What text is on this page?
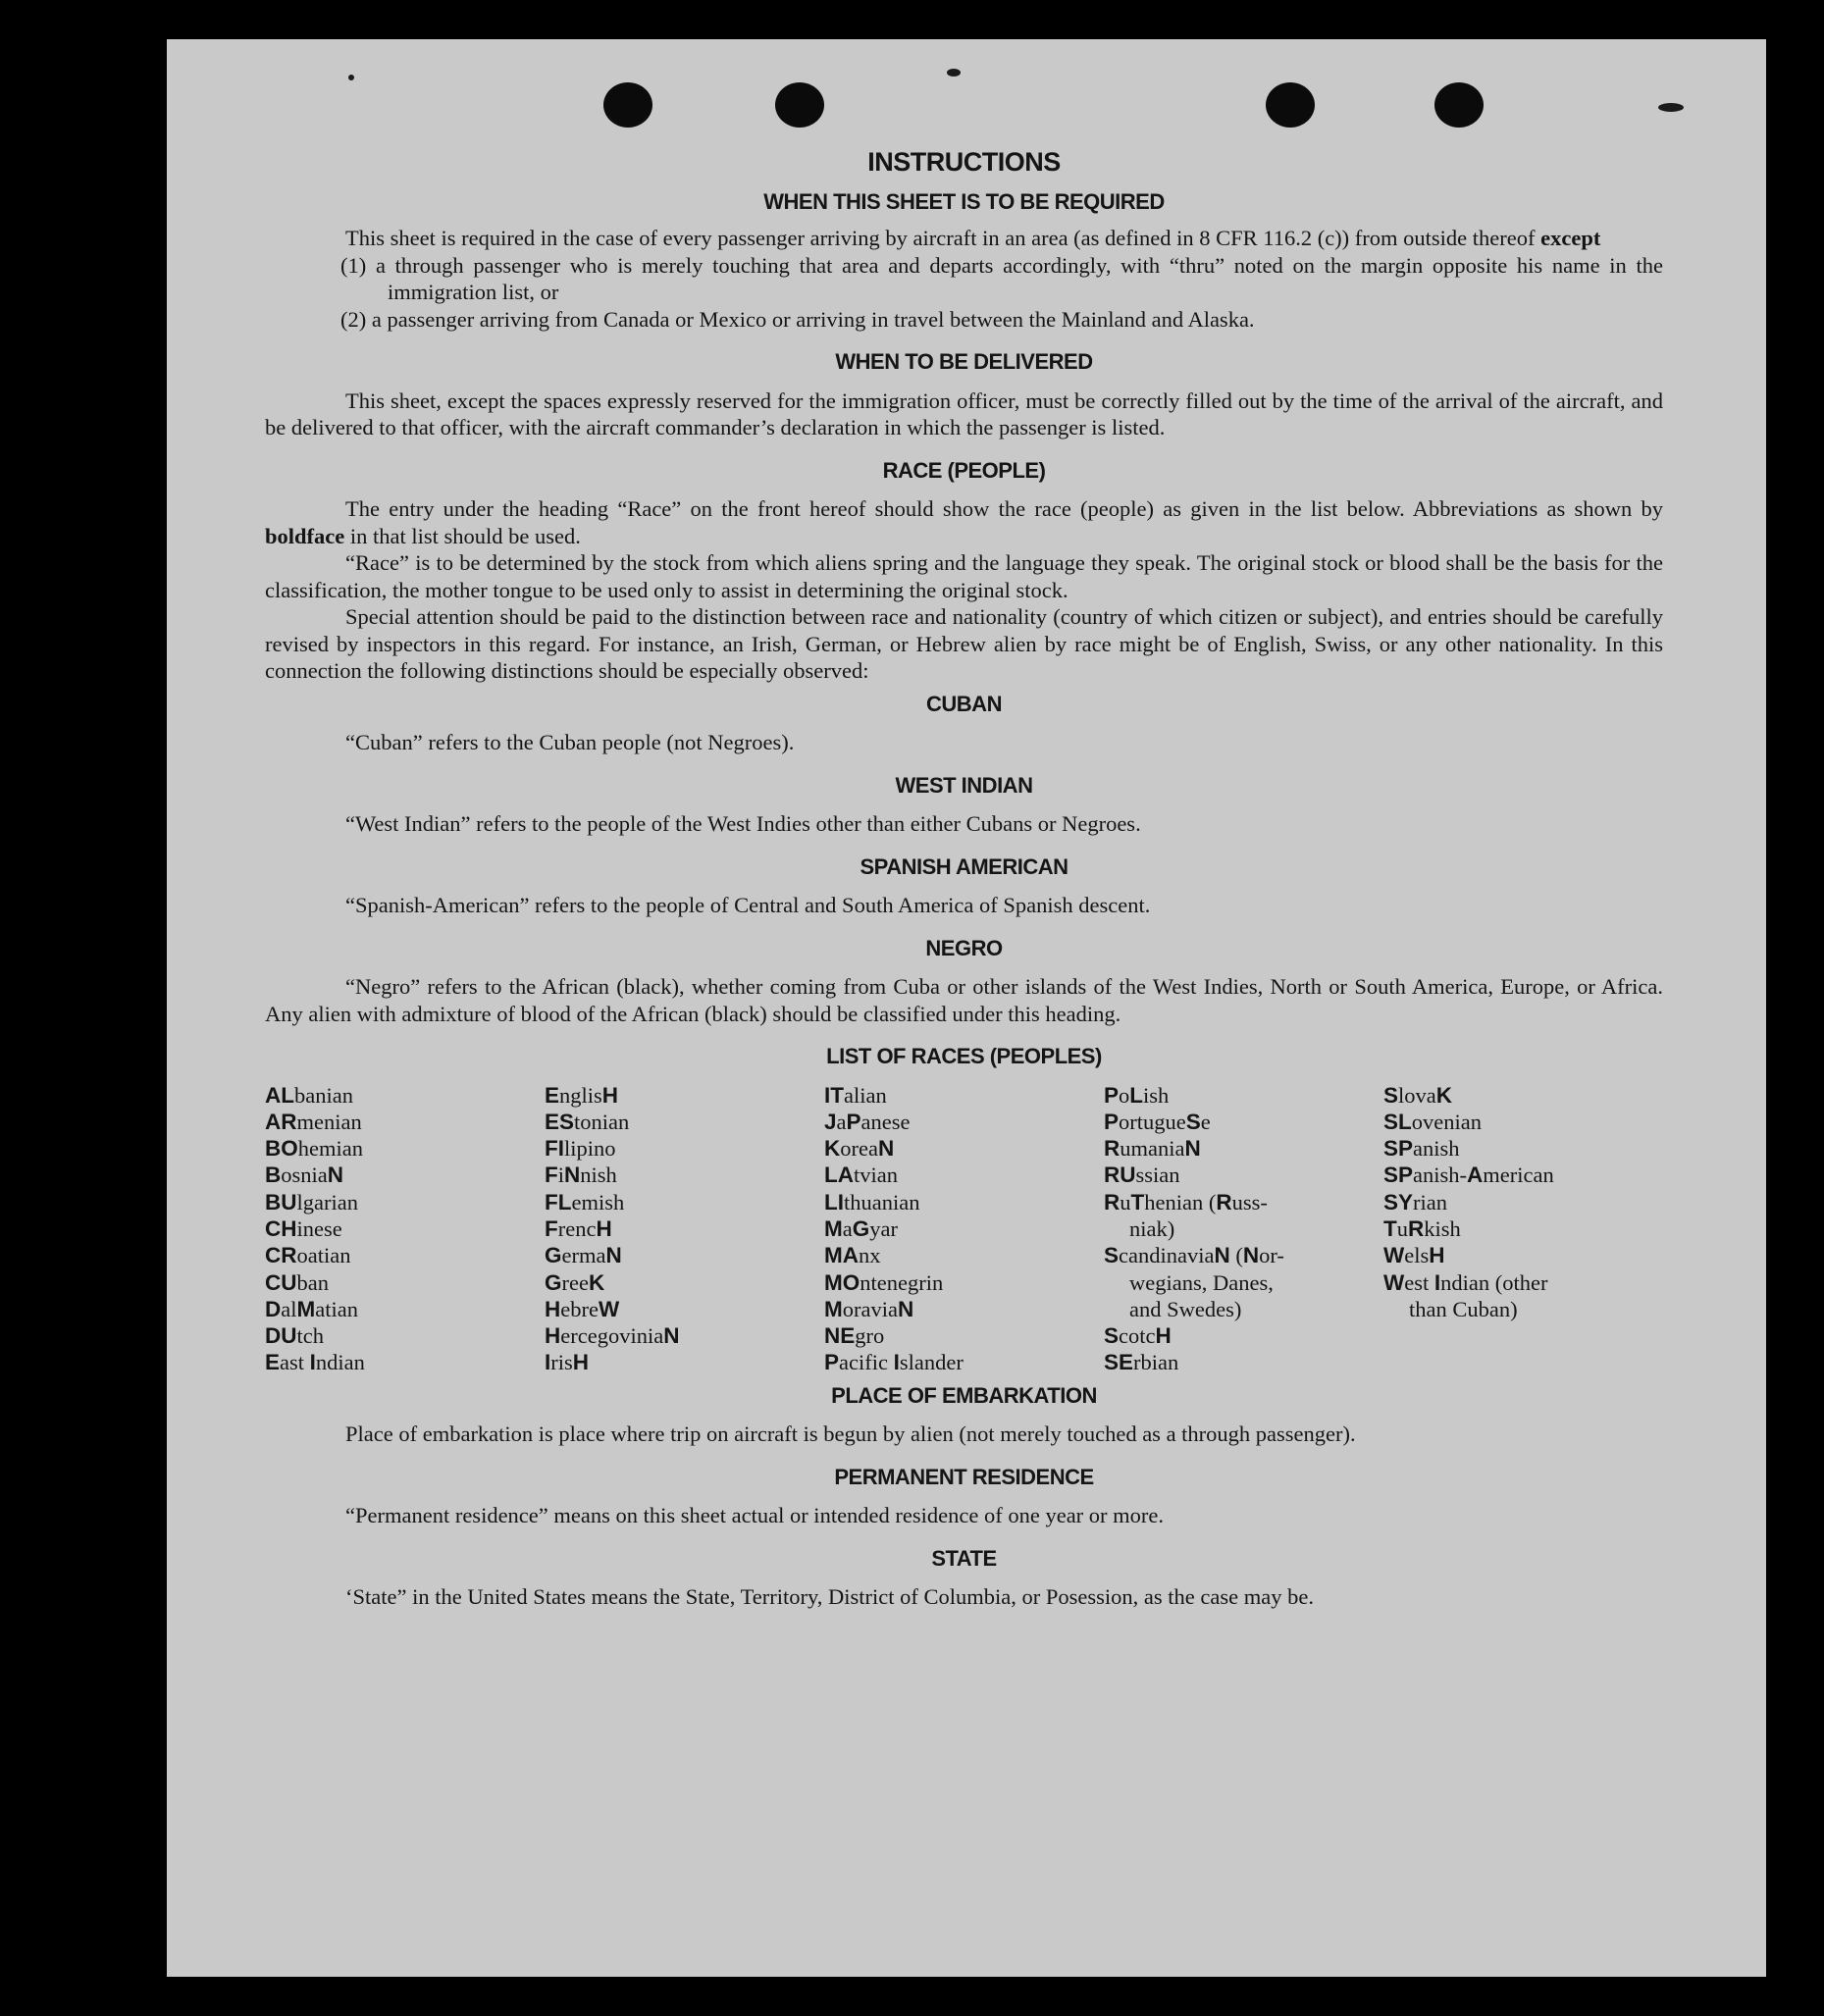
INSTRUCTIONS
WHEN THIS SHEET IS TO BE REQUIRED

This sheet is required in the case of every passenger arriving by aircraft in an area (as defined in 8 CFR 116.2 (c)) from outside thereof except

(1) a through passenger who is merely touching that area and departs accordingly, with “thru” noted on the margin opposite his name in the immigration list, or

(2) a passenger arriving from Canada or Mexico or arriving in travel between the Mainland and Alaska.

WHEN TO BE DELIVERED

This sheet, except the spaces expressly reserved for the immigration officer, must be correctly filled out by the time of the arrival of the aircraft, and be delivered to that officer, with the aircraft commander’s declaration in which the passenger is listed.

RACE (PEOPLE)

The entry under the heading “Race” on the front hereof should show the race (people) as given in the list below. Abbreviations as shown by boldface in that list should be used.

“Race” is to be determined by the stock from which aliens spring and the language they speak. The original stock or blood shall be the basis for the classification, the mother tongue to be used only to assist in determining the original stock.

Special attention should be paid to the distinction between race and nationality (country of which citizen or subject), and entries should be carefully revised by inspectors in this regard. For instance, an Irish, German, or Hebrew alien by race might be of English, Swiss, or any other nationality. In this connection the following distinctions should be especially observed:

CUBAN

“Cuban” refers to the Cuban people (not Negroes).

WEST INDIAN

“West Indian” refers to the people of the West Indies other than either Cubans or Negroes.

SPANISH AMERICAN

“Spanish-American” refers to the people of Central and South America of Spanish descent.

NEGRO

“Negro” refers to the African (black), whether coming from Cuba or other islands of the West Indies, North or South America, Europe, or Africa. Any alien with admixture of blood of the African (black) should be classified under this heading.

LIST OF RACES (PEOPLES)
ALbanian
ARmenian
BOhemian
BosniaN
BUlgarian
CHinese
CRoatian
CUban
DalMatian
DUtch
East Indian
EnglisH
EStonian
FIlipino
FiNnish
FLemish
FrencH
GermaN
GreeK
HebreW
HercegoviniaN
IrisH
ITalian
JaPanese
KoreaN
LAtvian
LIthuanian
MaGyar
MAnx
MOntenegrin
MoraviaN
NEgro
Pacific Islander
PoLish
PortugueSe
RumaniaN
RUssian
RuThenian (Russ-
niak)
ScandinaviaN (Nor-
wegians, Danes,
and Swedes)
ScotcH
SErbian
SlovaK
SLovenian
SPanish
SPanish-American
SYrian
TuRkish
WelsH
West Indian (other
than Cuban)
PLACE OF EMBARKATION

Place of embarkation is place where trip on aircraft is begun by alien (not merely touched as a through passenger).

PERMANENT RESIDENCE

“Permanent residence” means on this sheet actual or intended residence of one year or more.

STATE

‘State” in the United States means the State, Territory, District of Columbia, or Posession, as the case may be.
